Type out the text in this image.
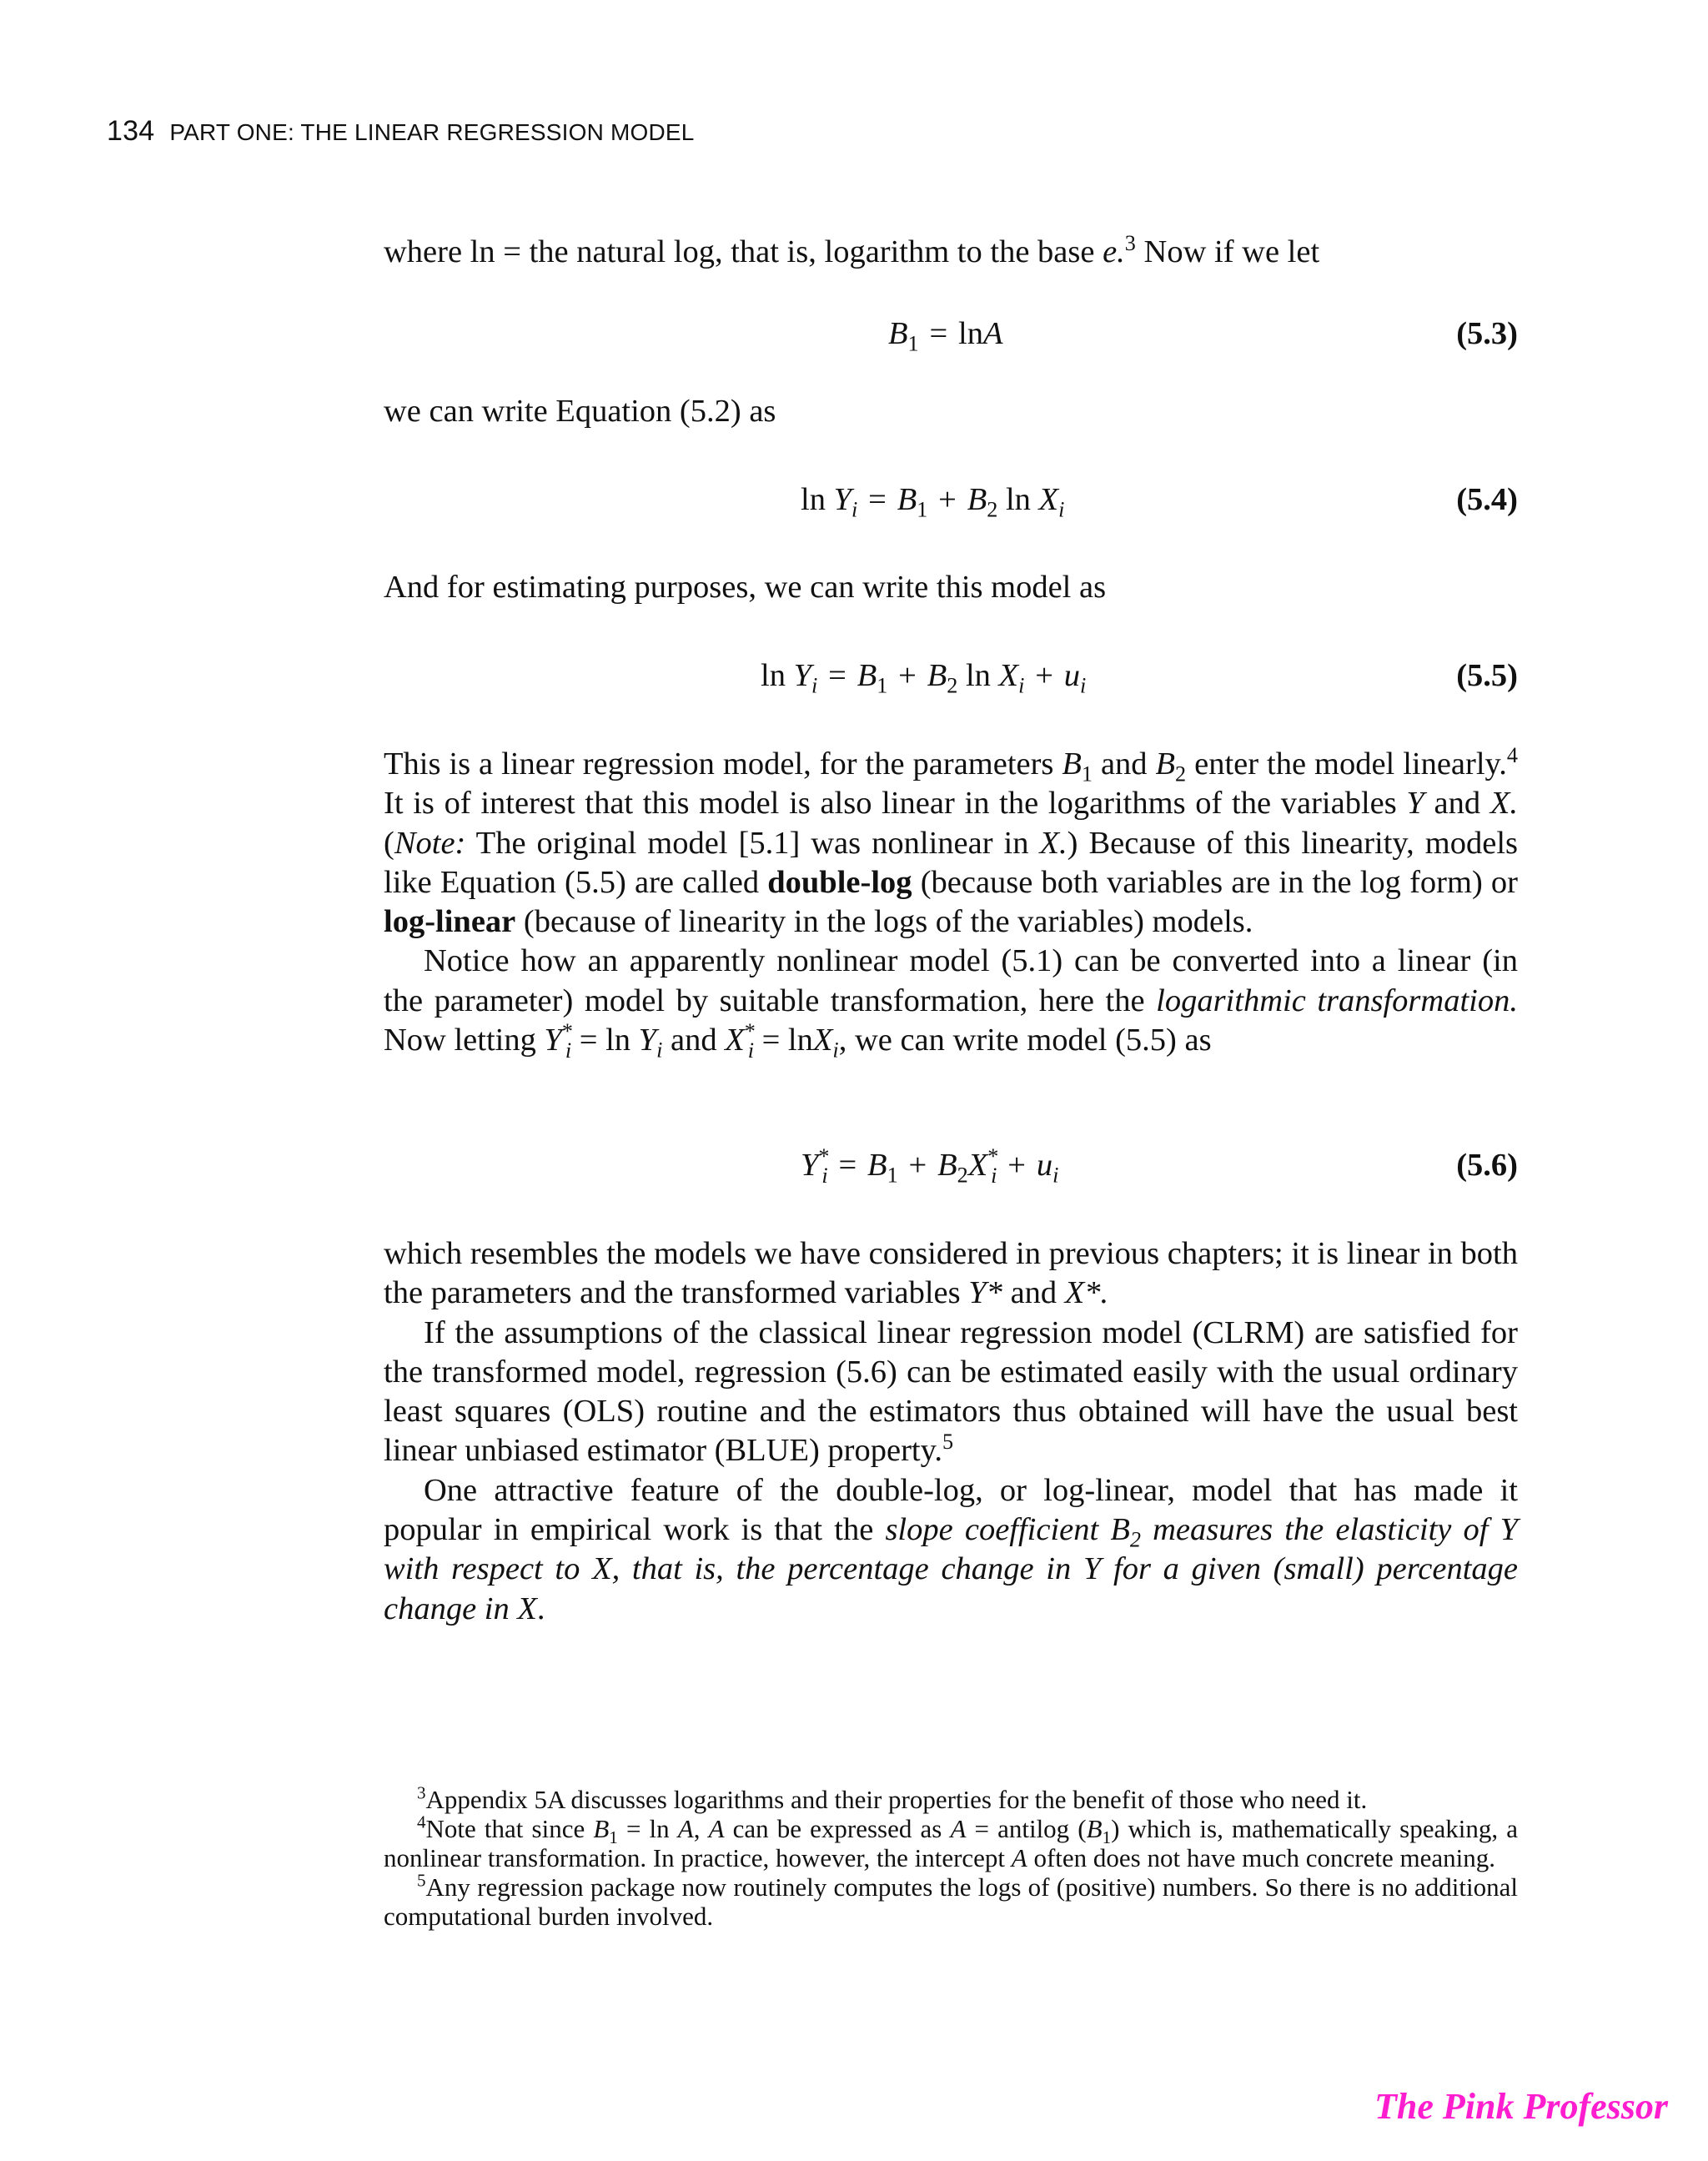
134 PART ONE: THE LINEAR REGRESSION MODEL

where ln = the natural log, that is, logarithm to the base e.$^3$ Now if we let

$B_1$  =  lnA	(5.3)

we can write Equation (5.2) as

$\ln Y_i$  =  $B_1$  +  $B_2$ $\ln X_i$	(5.4)

And for estimating purposes, we can write this model as

$\ln Y_i$  =  $B_1$  +  $B_2$ $\ln X_i$  +  $u_i$	(5.5)

This is a linear regression model, for the parameters $B_1$ and $B_2$ enter the model linearly.$^4$ It is of interest that this model is also linear in the logarithms of the variables Y and X. (Note: The original model [5.1] was nonlinear in X.) Because of this linearity, models like Equation (5.5) are called double-log (because both variables are in the log form) or log-linear (because of linearity in the logs of the variables) models.

Notice how an apparently nonlinear model (5.1) can be converted into a linear (in the parameter) model by suitable transformation, here the logarithmic transformation. Now letting $Y^*_i = \ln Y_i$ and $X^*_i = \ln X_i$, we can write model (5.5) as

$Y^*_i$  =  $B_1$  +  $B_2X^*_i$  +  $u_i$	(5.6)

which resembles the models we have considered in previous chapters; it is linear in both the parameters and the transformed variables Y* and X*.

If the assumptions of the classical linear regression model (CLRM) are satisfied for the transformed model, regression (5.6) can be estimated easily with the usual ordinary least squares (OLS) routine and the estimators thus obtained will have the usual best linear unbiased estimator (BLUE) property.$^5$

One attractive feature of the double-log, or log-linear, model that has made it popular in empirical work is that the slope coefficient $B_2$ measures the elasticity of Y with respect to X, that is, the percentage change in Y for a given (small) percentage change in X.

$^3$Appendix 5A discusses logarithms and their properties for the benefit of those who need it.

$^4$Note that since $B_1 = \ln A$, A can be expressed as A = antilog $(B_1)$ which is, mathematically speaking, a nonlinear transformation. In practice, however, the intercept A often does not have much concrete meaning.

$^5$Any regression package now routinely computes the logs of (positive) numbers. So there is no additional computational burden involved.

The Pink Professor
